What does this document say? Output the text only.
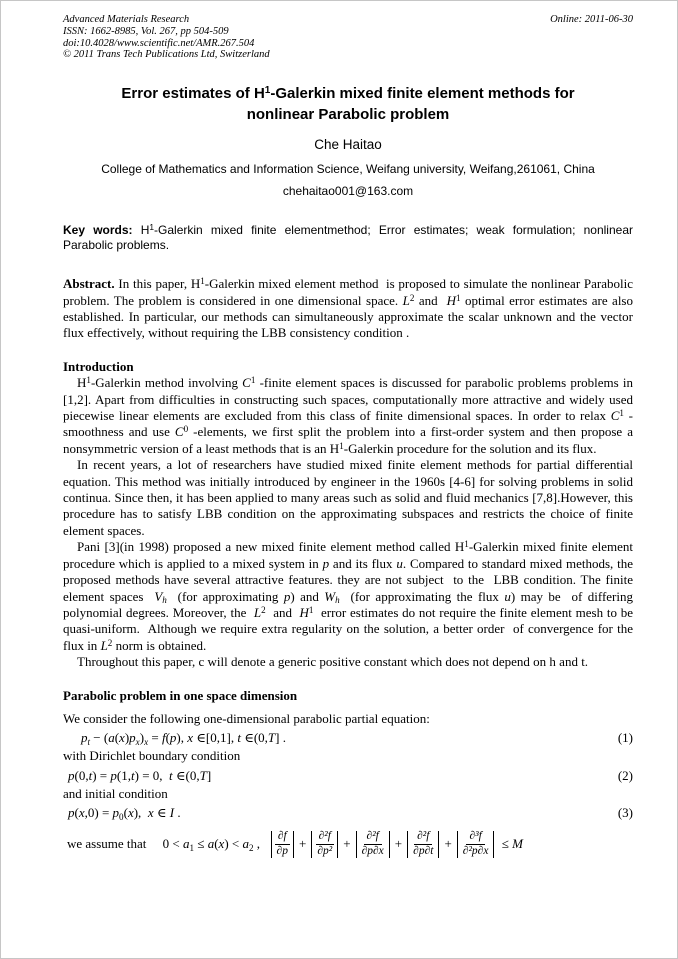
Advanced Materials Research
ISSN: 1662-8985, Vol. 267, pp 504-509
doi:10.4028/www.scientific.net/AMR.267.504
© 2011 Trans Tech Publications Ltd, Switzerland
Online: 2011-06-30
Error estimates of $H^1$-Galerkin mixed finite element methods for
nonlinear Parabolic problem
Che Haitao
College of Mathematics and Information Science, Weifang university, Weifang,261061, China
chehaitao001@163.com
Key words: $H^1$-Galerkin mixed finite elementmethod; Error estimates; weak formulation; nonlinear Parabolic problems.
Abstract. In this paper, $H^1$-Galerkin mixed element method  is proposed to simulate the nonlinear Parabolic problem. The problem is considered in one dimensional space. $L^2$ and  $H^1$ optimal error estimates are also established. In particular, our methods can simultaneously approximate the scalar unknown and the vector flux effectively, without requiring the LBB consistency condition .
Introduction

$H^1$-Galerkin method involving $C^1$ -finite element spaces is discussed for parabolic problems problems in [1,2]. Apart from difficulties in constructing such spaces, computationally more attractive and widely used piecewise linear elements are excluded from this class of finite dimensional spaces. In order to relax $C^1$ -smoothness and use $C^0$ -elements, we first split the problem into a first-order system and then propose a nonsymmetric version of a least methods that is an $H^1$-Galerkin procedure for the solution and its flux.

In recent years, a lot of researchers have studied mixed finite element methods for partial differential equation. This method was initially introduced by engineer in the 1960s [4-6] for solving problems in solid continua. Since then, it has been applied to many areas such as solid and fluid mechanics [7,8].However, this procedure has to satisfy LBB condition on the approximating subspaces and restricts the choice of finite element spaces.

Pani [3](in 1998) proposed a new mixed finite element method called $H^1$-Galerkin mixed finite element procedure which is applied to a mixed system in p and its flux u. Compared to standard mixed methods, the proposed methods have several attractive features. they are not subject  to the  LBB condition. The finite element spaces  Vh  (for approximating p) and Wh  (for approximating the flux u) may be  of differing polynomial degrees. Moreover, the  $L^2$  and  $H^1$  error estimates do not require the finite element mesh to be quasi-uniform.  Although we require extra regularity on the solution, a better order  of convergence for the flux in $L^2$ norm is obtained.

Throughout this paper, c will denote a generic positive constant which does not depend on h and t.

Parabolic problem in one space dimension
We consider the following one-dimensional parabolic partial equation:
pt − (a(x)px)x = f(p), x ∈[0,1], t ∈(0,T] .	(1)
with Dirichlet boundary condition
p(0,t) = p(1,t) = 0,  t ∈(0,T]	(2)
and initial condition
p(x,0) = p0(x),  x ∈ I .	(3)
we assume that     0 < a1 ≤ a(x) < a2 , $\frac{\partial f}{\partial p} + \frac{\text{∂²f}}{\text{∂p²}} + \frac{\text{∂²f}}{\partial p\partial x} + \frac{\text{∂²f}}{\partial p\partial t} + \frac{\text{∂³f}}{\text{∂²p∂x}} \le M$
